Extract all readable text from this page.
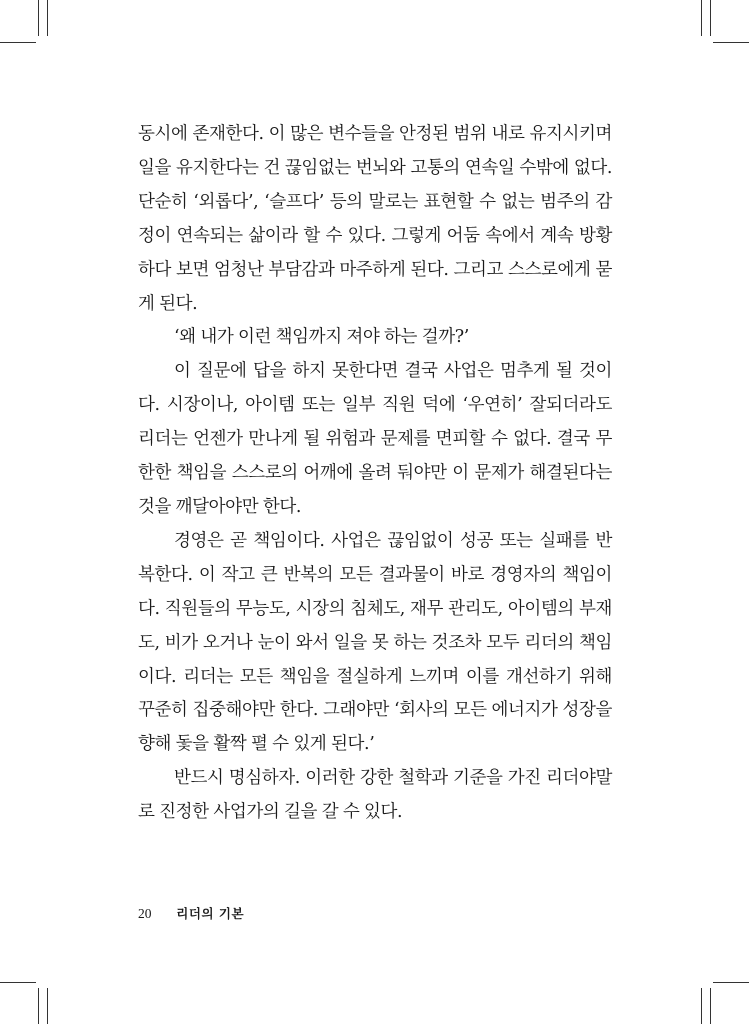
동시에 존재한다. 이 많은 변수들을 안정된 범위 내로 유지시키며 일을 유지한다는 건 끊임없는 번뇌와 고통의 연속일 수밖에 없다. 단순히 ‘외롭다’, ‘슬프다’ 등의 말로는 표현할 수 없는 범주의 감정이 연속되는 삶이라 할 수 있다. 그렇게 어둠 속에서 계속 방황하다 보면 엄청난 부담감과 마주하게 된다. 그리고 스스로에게 묻게 된다.

‘왜 내가 이런 책임까지 져야 하는 걸까?’

이 질문에 답을 하지 못한다면 결국 사업은 멈추게 될 것이다. 시장이나, 아이템 또는 일부 직원 덕에 ‘우연히’ 잘되더라도 리더는 언젠가 만나게 될 위험과 문제를 면피할 수 없다. 결국 무한한 책임을 스스로의 어깨에 올려 둬야만 이 문제가 해결된다는 것을 깨달아야만 한다.

경영은 곧 책임이다. 사업은 끊임없이 성공 또는 실패를 반복한다. 이 작고 큰 반복의 모든 결과물이 바로 경영자의 책임이다. 직원들의 무능도, 시장의 침체도, 재무 관리도, 아이템의 부재도, 비가 오거나 눈이 와서 일을 못 하는 것조차 모두 리더의 책임이다. 리더는 모든 책임을 절실하게 느끼며 이를 개선하기 위해 꾸준히 집중해야만 한다. 그래야만 ‘회사의 모든 에너지가 성장을 향해 돛을 활짝 펼 수 있게 된다.’

반드시 명심하자. 이러한 강한 철학과 기준을 가진 리더야말로 진정한 사업가의 길을 갈 수 있다.

20 리더의 기본
